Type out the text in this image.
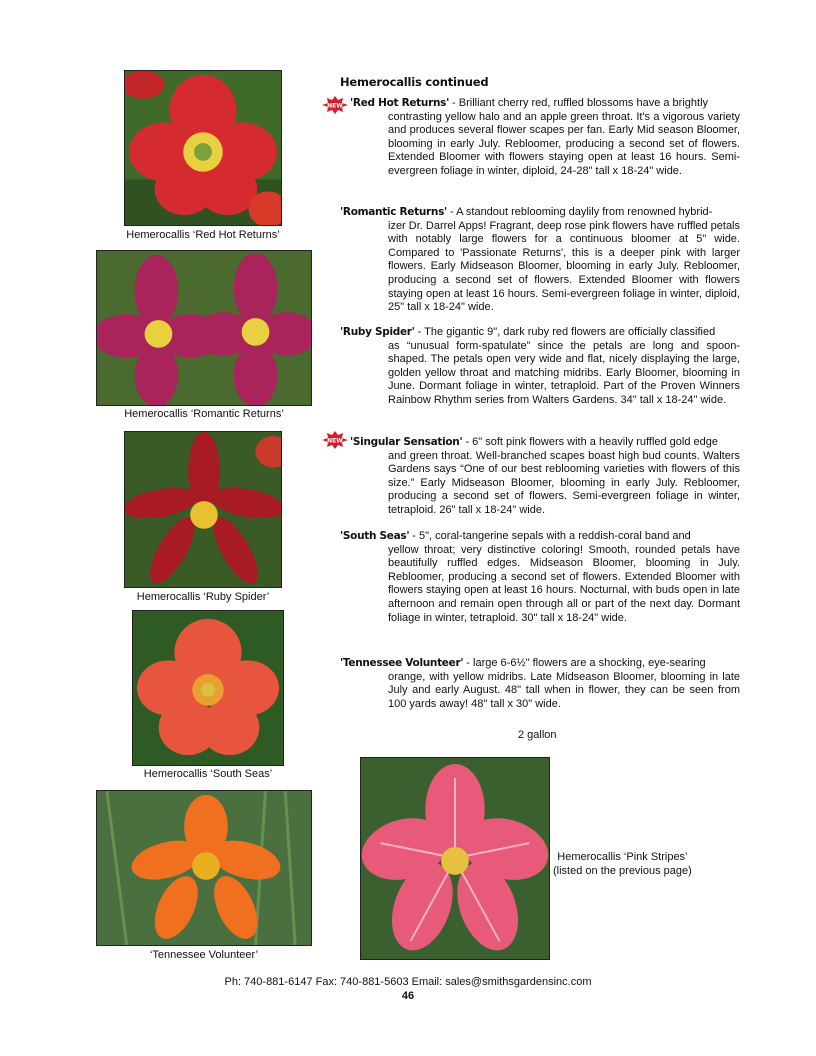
Hemerocallis ‘Red Hot Returns’
Hemerocallis ‘Romantic Returns’
Hemerocallis ‘Ruby Spider’
Hemerocallis ‘South Seas’
‘Tennessee Volunteer’
Hemerocallis ‘Pink Stripes’
(listed on the previous page)
Hemerocallis continued
NEW
NEW
'Red Hot Returns' - Brilliant cherry red, ruffled blossoms have a brightly
contrasting yellow halo and an apple green throat. It's a vigorous variety and produces several flower scapes per fan. Early Mid season Bloomer, blooming in early July. Rebloomer, producing a second set of flowers. Extended Bloomer with flowers staying open at least 16 hours. Semi-evergreen foliage in winter, diploid, 24-28" tall x 18-24" wide.
'Romantic Returns' - A standout reblooming daylily from renowned hybrid-
izer Dr. Darrel Apps! Fragrant, deep rose pink flowers have ruffled petals with notably large flowers for a continuous bloomer at 5" wide. Compared to 'Passionate Returns', this is a deeper pink with larger flowers. Early Midseason Bloomer, blooming in early July. Rebloomer, producing a second set of flowers. Extended Bloomer with flowers staying open at least 16 hours. Semi-evergreen foliage in winter, diploid, 25" tall x 18-24" wide.
'Ruby Spider' - The gigantic 9", dark ruby red flowers are officially classified
as “unusual form-spatulate” since the petals are long and spoon-shaped. The petals open very wide and flat, nicely displaying the large, golden yellow throat and matching midribs. Early Bloomer, blooming in June. Dormant foliage in winter, tetraploid. Part of the Proven Winners Rainbow Rhythm series from Walters Gardens. 34" tall x 18-24" wide.
'Singular Sensation' - 6" soft pink flowers with a heavily ruffled gold edge
and green throat. Well-branched scapes boast high bud counts. Walters Gardens says “One of our best reblooming varieties with flowers of this size.” Early Midseason Bloomer, blooming in early July. Rebloomer, producing a second set of flowers. Semi-evergreen foliage in winter, tetraploid. 26" tall x 18-24" wide.
'South Seas' - 5", coral-tangerine sepals with a reddish-coral band and
yellow throat; very distinctive coloring! Smooth, rounded petals have beautifully ruffled edges. Midseason Bloomer, blooming in July. Rebloomer, producing a second set of flowers. Extended Bloomer with flowers staying open at least 16 hours. Nocturnal, with buds open in late afternoon and remain open through all or part of the next day. Dormant foliage in winter, tetraploid. 30" tall x 18-24" wide.
'Tennessee Volunteer' - large 6-6½" flowers are a shocking, eye-searing
orange, with yellow midribs. Late Midseason Bloomer, blooming in late July and early August. 48" tall when in flower, they can be seen from 100 yards away! 48" tall x 30" wide.
2 gallon
Ph: 740-881-6147 Fax: 740-881-5603 Email: sales@smithsgardensinc.com
46
